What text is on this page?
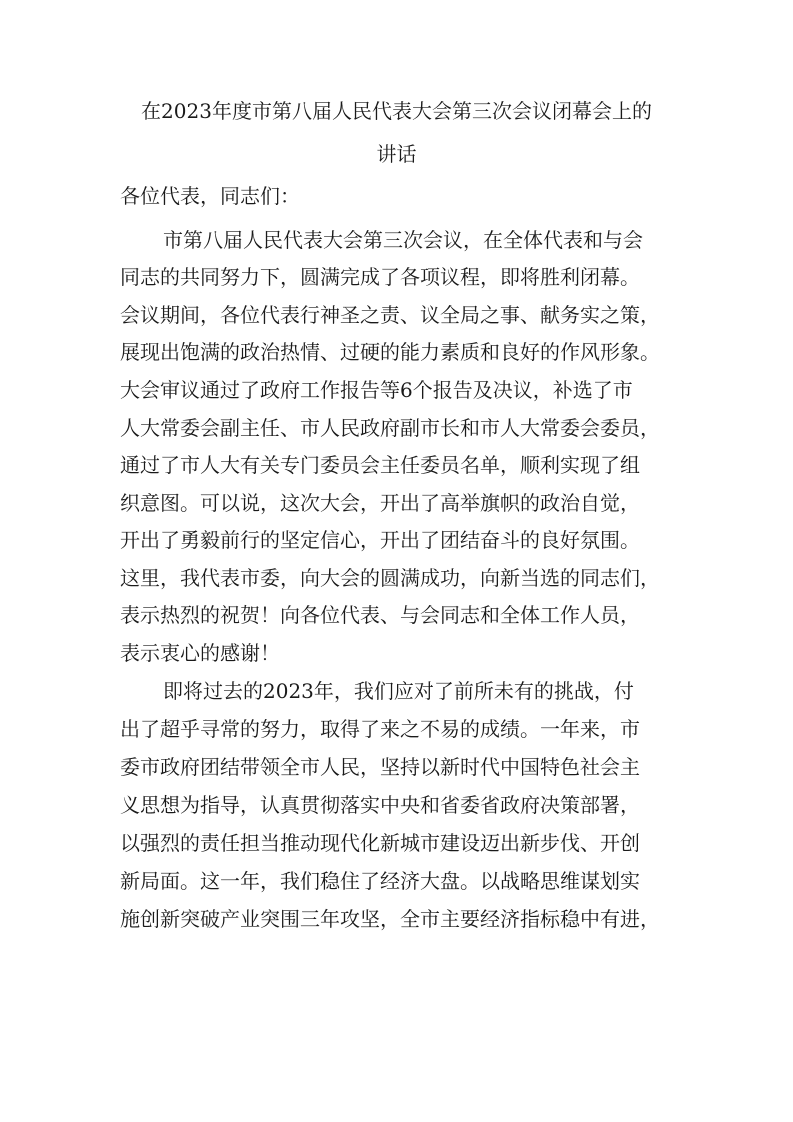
在2023年度市第八届人民代表大会第三次会议闭幕会上的
讲话
各位代表，同志们：
市第八届人民代表大会第三次会议，在全体代表和与会
同志的共同努力下，圆满完成了各项议程，即将胜利闭幕。
会议期间，各位代表行神圣之责、议全局之事、献务实之策，
展现出饱满的政治热情、过硬的能力素质和良好的作风形象。
大会审议通过了政府工作报告等6个报告及决议，补选了市
人大常委会副主任、市人民政府副市长和市人大常委会委员，
通过了市人大有关专门委员会主任委员名单，顺利实现了组
织意图。可以说，这次大会，开出了高举旗帜的政治自觉，
开出了勇毅前行的坚定信心，开出了团结奋斗的良好氛围。
这里，我代表市委，向大会的圆满成功，向新当选的同志们，
表示热烈的祝贺！向各位代表、与会同志和全体工作人员，
表示衷心的感谢！
即将过去的2023年，我们应对了前所未有的挑战，付
出了超乎寻常的努力，取得了来之不易的成绩。一年来，市
委市政府团结带领全市人民，坚持以新时代中国特色社会主
义思想为指导，认真贯彻落实中央和省委省政府决策部署，
以强烈的责任担当推动现代化新城市建设迈出新步伐、开创
新局面。这一年，我们稳住了经济大盘。以战略思维谋划实
施创新突破产业突围三年攻坚，全市主要经济指标稳中有进，
